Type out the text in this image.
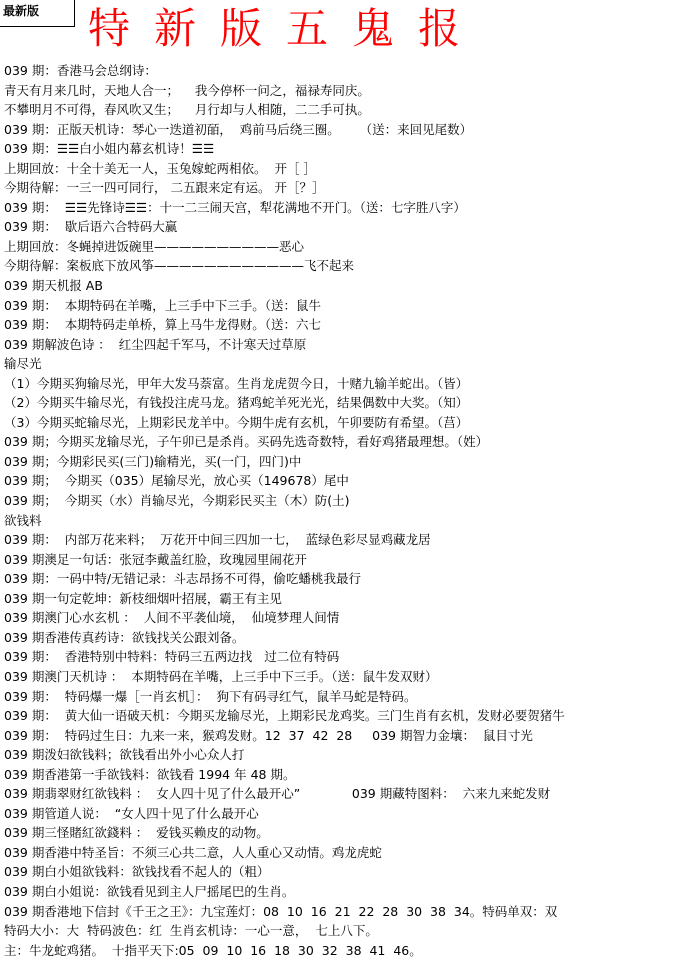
最新版	特新版五鬼报
039 期：香港马会总纲诗：
青天有月来几时，天地人合一；    我今停杯一问之，福禄寿同庆。
不攀明月不可得，春风吹又生；    月行却与人相随，二二手可执。
039 期：正版天机诗：琴心一迭道初皕，  鸡前马后绕三圈。     （送：来回见尾数）
039 期：☰☰白小姐内幕玄机诗！☰☰
上期回放：十全十美无一人，玉兔嫁蛇两相依。  开［ ］
今期待解：一三一四可同行， 二五跟来定有运。 开［？］
039 期：  ☰☰先锋诗☰☰：十一二三闹天宫，犁花满地不开门。（送：七字胜八字）
039 期：  歇后语六合特码大赢
上期回放：冬蝇掉进饭碗里——————————恶心
今期待解：案板底下放风筝————————————飞不起来
039 期天机报 AB
039 期：  本期特码在羊嘴，上三手中下三手。（送：鼠牛
039 期：  本期特码走单桥，算上马牛龙得财。（送：六七
039 期解波色诗 ：  红尘四起千军马，不计寒天过草原
输尽光
（1）今期买狗输尽光，甲年大发马萘富。生肖龙虎贺今日，十赌九输羊蛇出。（皆）
（2）今期买牛输尽光，有钱投注虎马龙。猪鸡蛇羊死光光，结果偶数中大奖。（知）
（3）今期买蛇输尽光，上期彩民龙羊中。今期牛虎有玄机，午卯要防有希望。（莒）
039 期；今期买龙输尽光，子午卯已是杀肖。买码先选奇数特，看好鸡猪最理想。（姓）
039 期；今期彩民买(三门)输精光，买(一门，四门)中
039 期；  今期买（035）尾输尽光，放心买（149678）尾中
039 期；  今期买（水）肖输尽光，今期彩民买主（木）防(土)
欲钱料
039 期：  内部万花来料；  万花开中间三四加一七，  蓝绿色彩尽显鸡藏龙居
039 期澳足一句话：张冠李戴盖红脸，玫瑰园里闹花开
039 期：一码中特/无错记录：斗志昂扬不可得，偷吃蟠桃我最行
039 期一句定乾坤：新枝细烟叶招展，霸王有主见
039 期澳门心水玄机 ：  人间不平袭仙境，  仙境梦理人间情
039 期香港传真药诗：欲钱找关公跟刘备。
039 期：  香港特别中特料：特码三五两边找   过二位有特码
039 期澳门天机诗 ：  本期特码在羊嘴，上三手中下三手。（送：鼠牛发双财）
039 期：  特码爆一爆［一肖玄机］：  狗下有码寻红气，鼠羊马蛇是特码。
039 期：  黄大仙一语破天机：今期买龙输尽光，上期彩民龙鸡奖。三门生肖有玄机，发财必要贺猪牛
039 期：  特码过生日：九来一来，猴鸡发财。12  37  42  28     039 期智力金壤：  鼠目寸光
039 期泼妇欲钱料；欲钱看出外小心众人打
039 期香港第一手欲钱料：欲钱看 1994 年 48 期。
039 期翡翠财红欲钱料 ：  女人四十见了什么最开心”             039 期藏特图料：  六来九来蛇发财
039 期管道人说：  “女人四十见了什么最开心
039 期三怪賭紅欲錢料 ：  爱钱买赖皮的动物。
039 期香港中特圣旨：不须三心共二意，人人重心又动情。鸡龙虎蛇
039 期白小姐欲钱料：欲钱找看不起人的（粗）
039 期白小姐说：欲钱看见到主人尸摇尾巴的生肖。
039 期香港地下信封《千王之王》：九宝莲灯：08  10  16  21  22  28  30  38  34。特码单双：双
特码大小：大  特码波色：红  生肖玄机诗：一心一意，  七上八下。
主：牛龙蛇鸡猪。  十指平天下:05  09  10  16  18  30  32  38  41  46。
